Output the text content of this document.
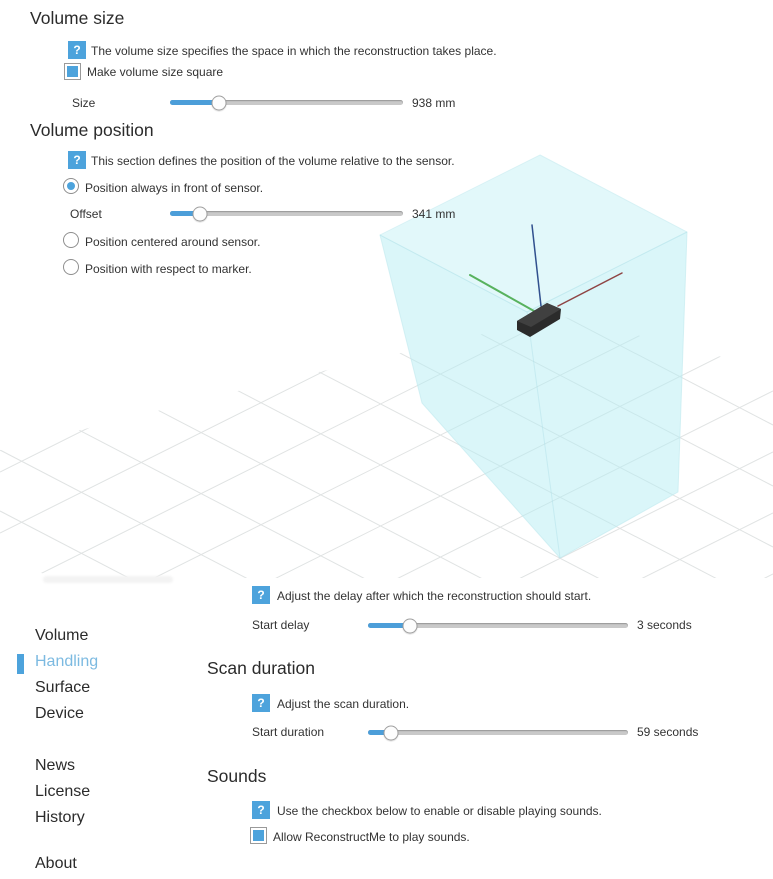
Volume size
? The volume size specifies the space in which the reconstruction takes place.
Make volume size square
Size	938 mm
Volume position
? This section defines the position of the volume relative to the sensor.
Position always in front of sensor.
Offset	341 mm
Position centered around sensor.
Position with respect to marker.
?	Adjust the delay after which the reconstruction should start.
Start delay	3 seconds
Scan duration
?	Adjust the scan duration.
Start duration	59 seconds
Sounds
?	Use the checkbox below to enable or disable playing sounds.
Allow ReconstructMe to play sounds.
Volume
Handling
Surface
Device
News
License
History
About
